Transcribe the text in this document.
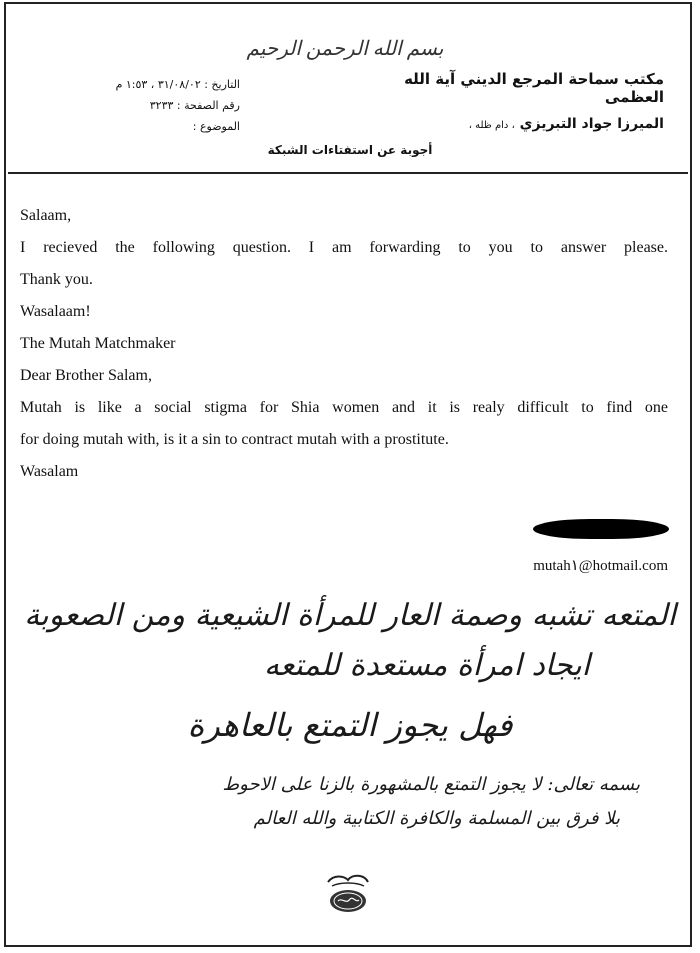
بسم الله الرحمن الرحيم

مكتب سماحة المرجع الديني آية الله العظمى

الميرزا جواد التبريزي ، دام ظله ،

التاريخ : ٣١/٠٨/٠٢ ، ١:٥٣ م
رقم الصفحة : ٣٢٣٣
الموضوع :
أجوبة عن استفتاءات الشبكة

Salaam,

I recieved the following question. I am forwarding to you to answer please.

Thank you.

Wasalaam!

The Mutah Matchmaker

Dear Brother Salam,

Mutah is like a social stigma for Shia women and it is realy difficult to find one

for doing mutah with, is it a sin to contract mutah with a prostitute.

Wasalam

mutah١@hotmail.com
المتعه تشبه وصمة العار للمرأة الشيعية ومن الصعوبة
ايجاد امرأة مستعدة للمتعه
فهل يجوز التمتع بالعاهرة
بسمه تعالى: لا يجوز التمتع بالمشهورة بالزنا على الاحوط
بلا فرق بين المسلمة والكافرة الكتابية والله العالم
